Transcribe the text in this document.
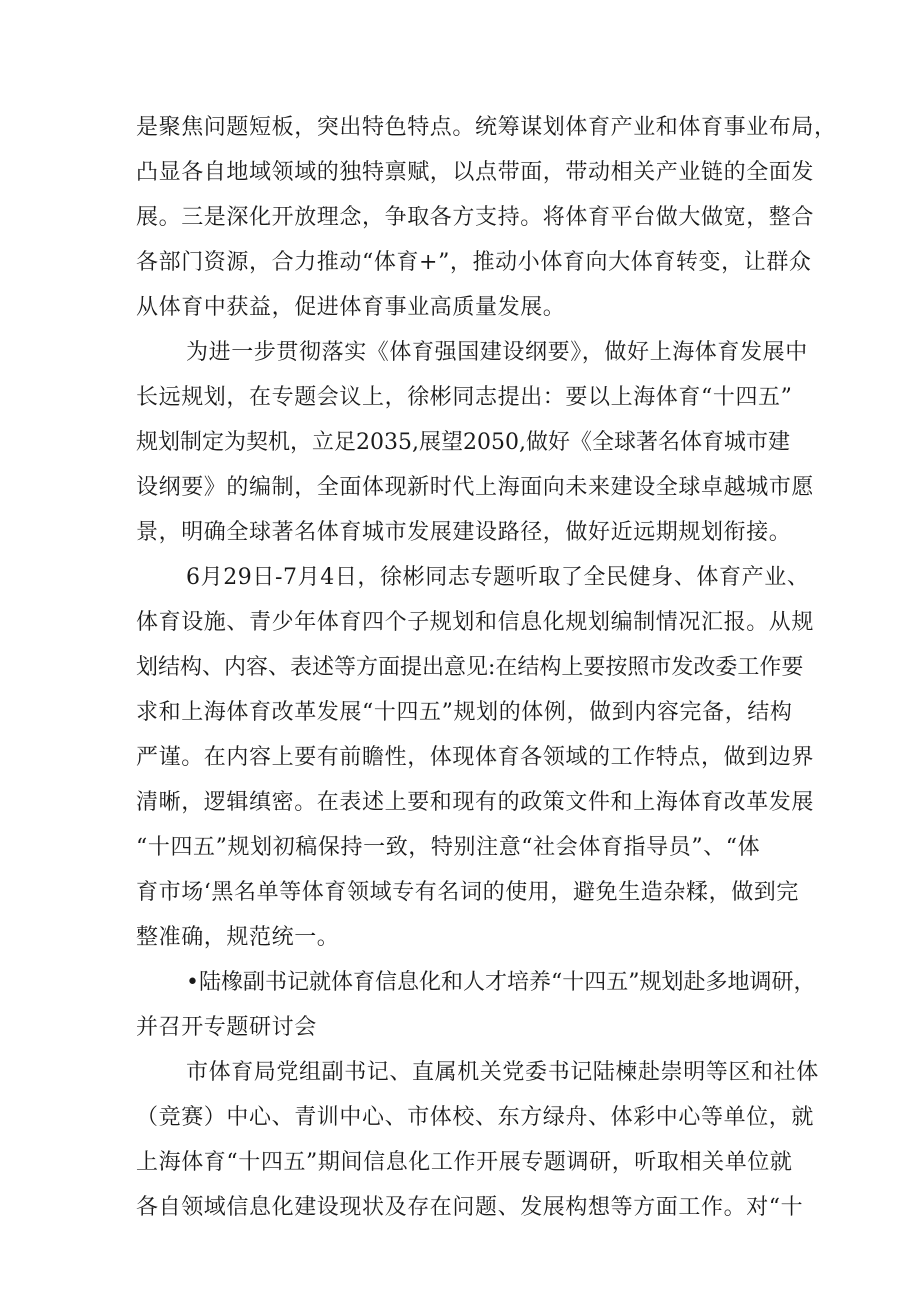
是聚焦问题短板，突出特色特点。统筹谋划体育产业和体育事业布局，
凸显各自地域领域的独特禀赋，以点带面，带动相关产业链的全面发
展。三是深化开放理念，争取各方支持。将体育平台做大做宽，整合
各部门资源，合力推动“体育+”，推动小体育向大体育转变，让群众
从体育中获益，促进体育事业高质量发展。
为进一步贯彻落实《体育强国建设纲要》，做好上海体育发展中
长远规划，在专题会议上，徐彬同志提出：要以上海体育“十四五”
规划制定为契机，立足2035,展望2050,做好《全球著名体育城市建
设纲要》的编制，全面体现新时代上海面向未来建设全球卓越城市愿
景，明确全球著名体育城市发展建设路径，做好近远期规划衔接。
6月29日-7月4日，徐彬同志专题听取了全民健身、体育产业、
体育设施、青少年体育四个子规划和信息化规划编制情况汇报。从规
划结构、内容、表述等方面提出意见:在结构上要按照市发改委工作要
求和上海体育改革发展“十四五”规划的体例，做到内容完备，结构
严谨。在内容上要有前瞻性，体现体育各领域的工作特点，做到边界
清晰，逻辑缜密。在表述上要和现有的政策文件和上海体育改革发展
“十四五”规划初稿保持一致，特别注意“社会体育指导员”、“体
育市场‘黑名单等体育领域专有名词的使用，避免生造杂糅，做到完
整准确，规范统一。
•陆橡副书记就体育信息化和人才培养“十四五”规划赴多地调研，
并召开专题研讨会
市体育局党组副书记、直属机关党委书记陆楝赴崇明等区和社体
（竞赛）中心、青训中心、市体校、东方绿舟、体彩中心等单位，就
上海体育“十四五”期间信息化工作开展专题调研，听取相关单位就
各自领域信息化建设现状及存在问题、发展构想等方面工作。对“十
